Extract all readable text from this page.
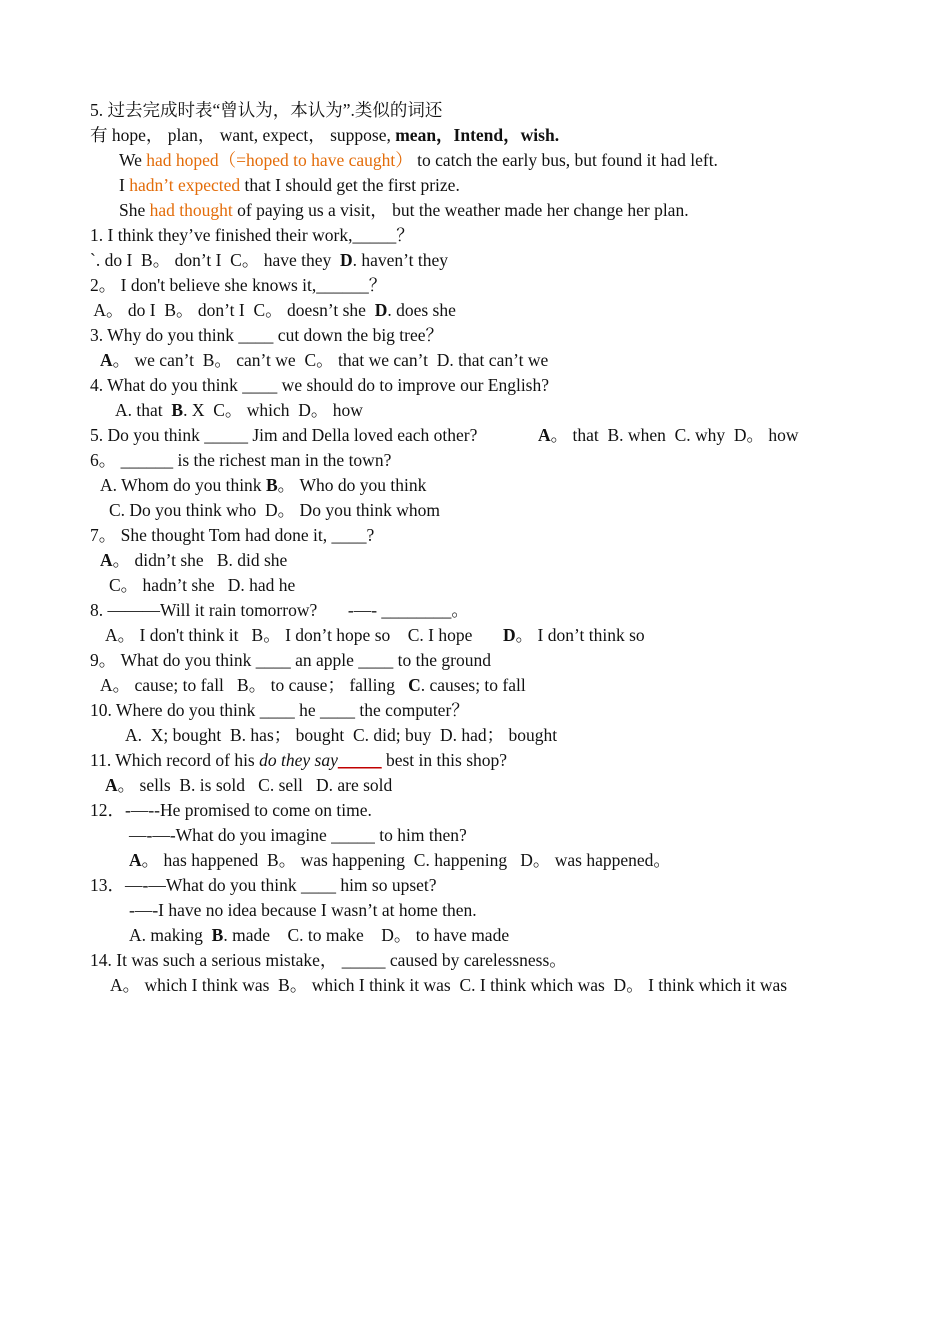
5. 过去完成时表“曾认为，本认为”.类似的词还
有 hope， plan， want, expect， suppose, mean，Intend，wish.
We had hoped（=hoped to have caught） to catch the early bus, but found it had left.
I hadn’t expected that I should get the first prize.
She had thought of paying us a visit， but the weather made her change her plan.
1. I think they’ve finished their work,_____？
`. do I  B。 don’t I  C。 have they  D. haven’t they
2。 I don't believe she knows it,______？
A。 do I  B。 don’t I  C。 doesn’t she  D. does she
3. Why do you think ____ cut down the big tree？
A。 we can’t  B。 can’t we  C。 that we can’t  D. that can’t we
4. What do you think ____ we should do to improve our English?
A. that  B. X  C。 which  D。 how
5. Do you think _____ Jim and Della loved each other?	A。 that  B. when  C. why  D。 how
6。 ______ is the richest man in the town?
A. Whom do you think B。 Who do you think
C. Do you think who  D。 Do you think whom
7。 She thought Tom had done it, ____?
A。 didn’t she   B. did she
C。 hadn’t she   D. had he
8. ———Will it rain tomorrow?       -—- ________。
A。 I don't think it   B。 I don’t hope so    C. I hope       D。 I don’t think so
9。 What do you think ____ an apple ____ to the ground
A。 cause; to fall   B。 to cause； falling   C. causes; to fall
10. Where do you think ____ he ____ the computer？
A.  X; bought  B. has； bought  C. did; buy  D. had； bought
11. Which record of his do they say_____ best in this shop?
A。 sells  B. is sold   C. sell   D. are sold
12．-—--He promised to come on time.
—-—-What do you imagine _____ to him then?
A。 has happened  B。 was happening  C. happening   D。 was happened。
13．—-—What do you think ____ him so upset?
-—-I have no idea because I wasn’t at home then.
A. making  B. made    C. to make    D。 to have made
14. It was such a serious mistake， _____ caused by carelessness。
A。 which I think was  B。 which I think it was  C. I think which was  D。 I think which it was
